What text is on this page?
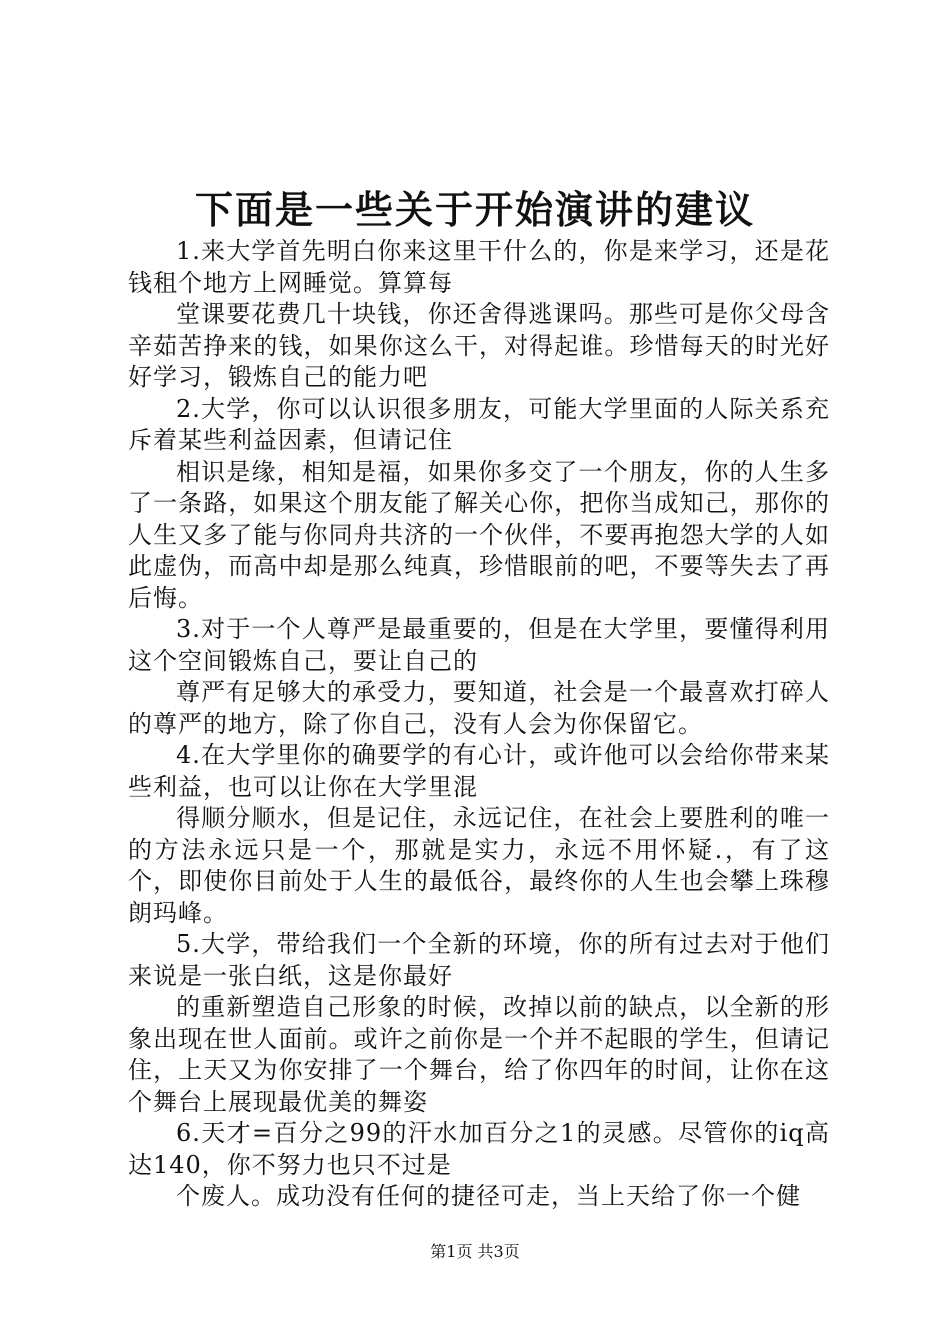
下面是一些关于开始演讲的建议

1.来大学首先明白你来这里干什么的，你是来学习，还是花钱租个地方上网睡觉。算算每

堂课要花费几十块钱，你还舍得逃课吗。那些可是你父母含辛茹苦挣来的钱，如果你这么干，对得起谁。珍惜每天的时光好好学习，锻炼自己的能力吧

2.大学，你可以认识很多朋友，可能大学里面的人际关系充斥着某些利益因素，但请记住

相识是缘，相知是福，如果你多交了一个朋友，你的人生多了一条路，如果这个朋友能了解关心你，把你当成知己，那你的人生又多了能与你同舟共济的一个伙伴，不要再抱怨大学的人如此虚伪，而高中却是那么纯真，珍惜眼前的吧，不要等失去了再后悔。

3.对于一个人尊严是最重要的，但是在大学里，要懂得利用这个空间锻炼自己，要让自己的

尊严有足够大的承受力，要知道，社会是一个最喜欢打碎人的尊严的地方，除了你自己，没有人会为你保留它。

4.在大学里你的确要学的有心计，或许他可以会给你带来某些利益，也可以让你在大学里混

得顺分顺水，但是记住，永远记住，在社会上要胜利的唯一的方法永远只是一个，那就是实力，永远不用怀疑.，有了这个，即使你目前处于人生的最低谷，最终你的人生也会攀上珠穆朗玛峰。

5.大学，带给我们一个全新的环境，你的所有过去对于他们来说是一张白纸，这是你最好

的重新塑造自己形象的时候，改掉以前的缺点，以全新的形象出现在世人面前。或许之前你是一个并不起眼的学生，但请记住，上天又为你安排了一个舞台，给了你四年的时间，让你在这个舞台上展现最优美的舞姿

6.天才=百分之99的汗水加百分之1的灵感。尽管你的iq高达140，你不努力也只不过是

个废人。成功没有任何的捷径可走，当上天给了你一个健

第1页 共3页
